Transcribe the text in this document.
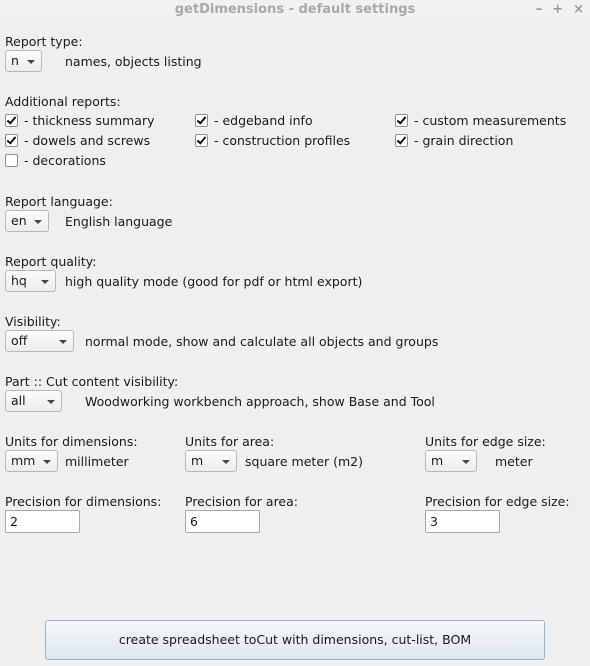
getDimensions - default settings	– + ×
Report type:
n	names, objects listing
Additional reports:
- thickness summary	- edgeband info	- custom measurements
- dowels and screws	- construction profiles	- grain direction
- decorations
Report language:
en	English language
Report quality:
hq	high quality mode (good for pdf or html export)
Visibility:
off	normal mode, show and calculate all objects and groups
Part :: Cut content visibility:
all	Woodworking workbench approach, show Base and Tool
Units for dimensions:
mm	millimeter
Units for area:
m	square meter (m2)
Units for edge size:
m	meter
Precision for dimensions:
2 Precision for area:
6	Precision for edge size:
3
create spreadsheet toCut with dimensions, cut-list, BOM
